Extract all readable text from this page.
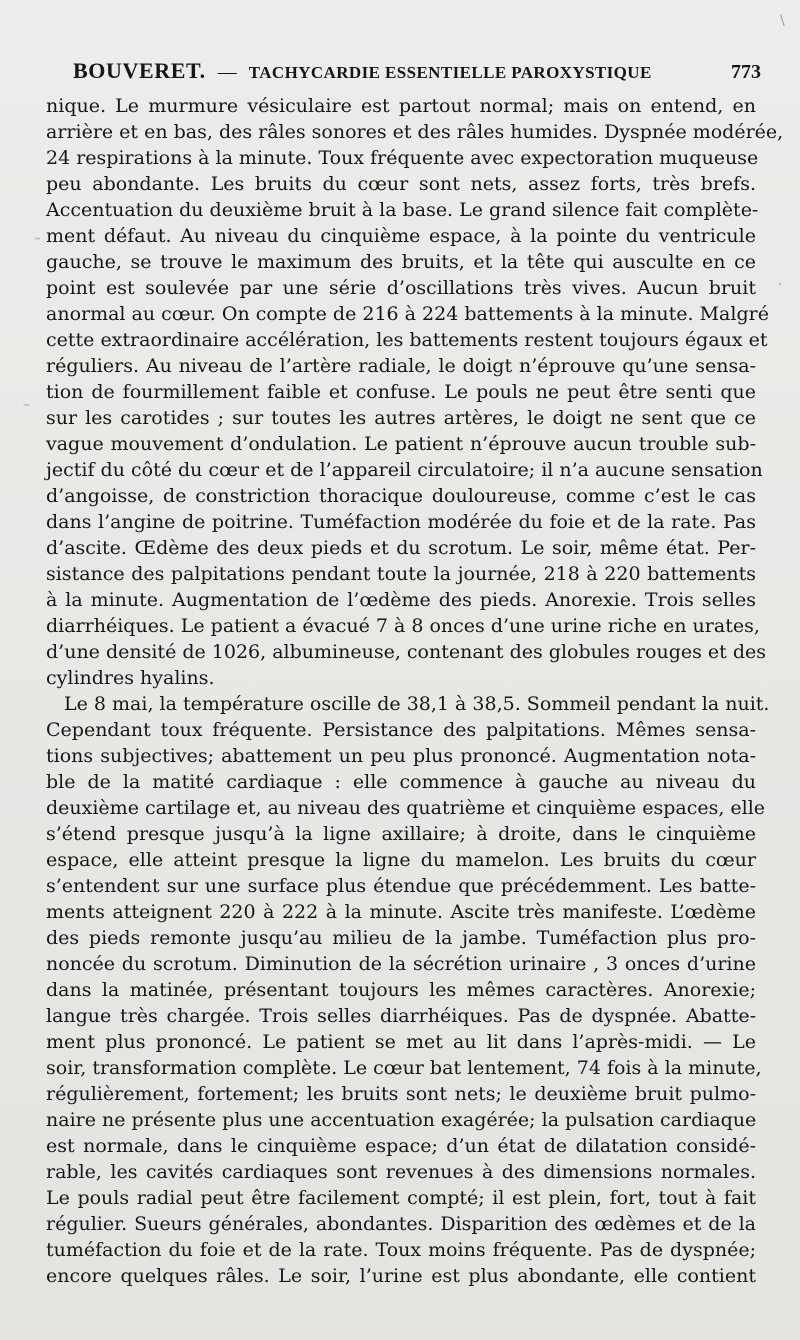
BOUVERET. — TACHYCARDIE ESSENTIELLE PAROXYSTIQUE	773
nique. Le murmure vésiculaire est partout normal; mais on entend, en
arrière et en bas, des râles sonores et des râles humides. Dyspnée modérée,
24 respirations à la minute. Toux fréquente avec expectoration muqueuse
peu abondante. Les bruits du cœur sont nets, assez forts, très brefs.
Accentuation du deuxième bruit à la base. Le grand silence fait complète-
ment défaut. Au niveau du cinquième espace, à la pointe du ventricule
gauche, se trouve le maximum des bruits, et la tête qui ausculte en ce
point est soulevée par une série d’oscillations très vives. Aucun bruit
anormal au cœur. On compte de 216 à 224 battements à la minute. Malgré
cette extraordinaire accélération, les battements restent toujours égaux et
réguliers. Au niveau de l’artère radiale, le doigt n’éprouve qu’une sensa-
tion de fourmillement faible et confuse. Le pouls ne peut être senti que
sur les carotides ; sur toutes les autres artères, le doigt ne sent que ce
vague mouvement d’ondulation. Le patient n’éprouve aucun trouble sub-
jectif du côté du cœur et de l’appareil circulatoire; il n’a aucune sensation
d’angoisse, de constriction thoracique douloureuse, comme c’est le cas
dans l’angine de poitrine. Tuméfaction modérée du foie et de la rate. Pas
d’ascite. Œdème des deux pieds et du scrotum. Le soir, même état. Per-
sistance des palpitations pendant toute la journée, 218 à 220 battements
à la minute. Augmentation de l’œdème des pieds. Anorexie. Trois selles
diarrhéiques. Le patient a évacué 7 à 8 onces d’une urine riche en urates,
d’une densité de 1026, albumineuse, contenant des globules rouges et des
cylindres hyalins.
Le 8 mai, la température oscille de 38,1 à 38,5. Sommeil pendant la nuit.
Cependant toux fréquente. Persistance des palpitations. Mêmes sensa-
tions subjectives; abattement un peu plus prononcé. Augmentation nota-
ble de la matité cardiaque : elle commence à gauche au niveau du
deuxième cartilage et, au niveau des quatrième et cinquième espaces, elle
s’étend presque jusqu’à la ligne axillaire; à droite, dans le cinquième
espace, elle atteint presque la ligne du mamelon. Les bruits du cœur
s’entendent sur une surface plus étendue que précédemment. Les batte-
ments atteignent 220 à 222 à la minute. Ascite très manifeste. L’œdème
des pieds remonte jusqu’au milieu de la jambe. Tuméfaction plus pro-
noncée du scrotum. Diminution de la sécrétion urinaire , 3 onces d’urine
dans la matinée, présentant toujours les mêmes caractères. Anorexie;
langue très chargée. Trois selles diarrhéiques. Pas de dyspnée. Abatte-
ment plus prononcé. Le patient se met au lit dans l’après-midi. — Le
soir, transformation complète. Le cœur bat lentement, 74 fois à la minute,
régulièrement, fortement; les bruits sont nets; le deuxième bruit pulmo-
naire ne présente plus une accentuation exagérée; la pulsation cardiaque
est normale, dans le cinquième espace; d’un état de dilatation considé-
rable, les cavités cardiaques sont revenues à des dimensions normales.
Le pouls radial peut être facilement compté; il est plein, fort, tout à fait
régulier. Sueurs générales, abondantes. Disparition des œdèmes et de la
tuméfaction du foie et de la rate. Toux moins fréquente. Pas de dyspnée;
encore quelques râles. Le soir, l’urine est plus abondante, elle contient
˷
–
·
\
